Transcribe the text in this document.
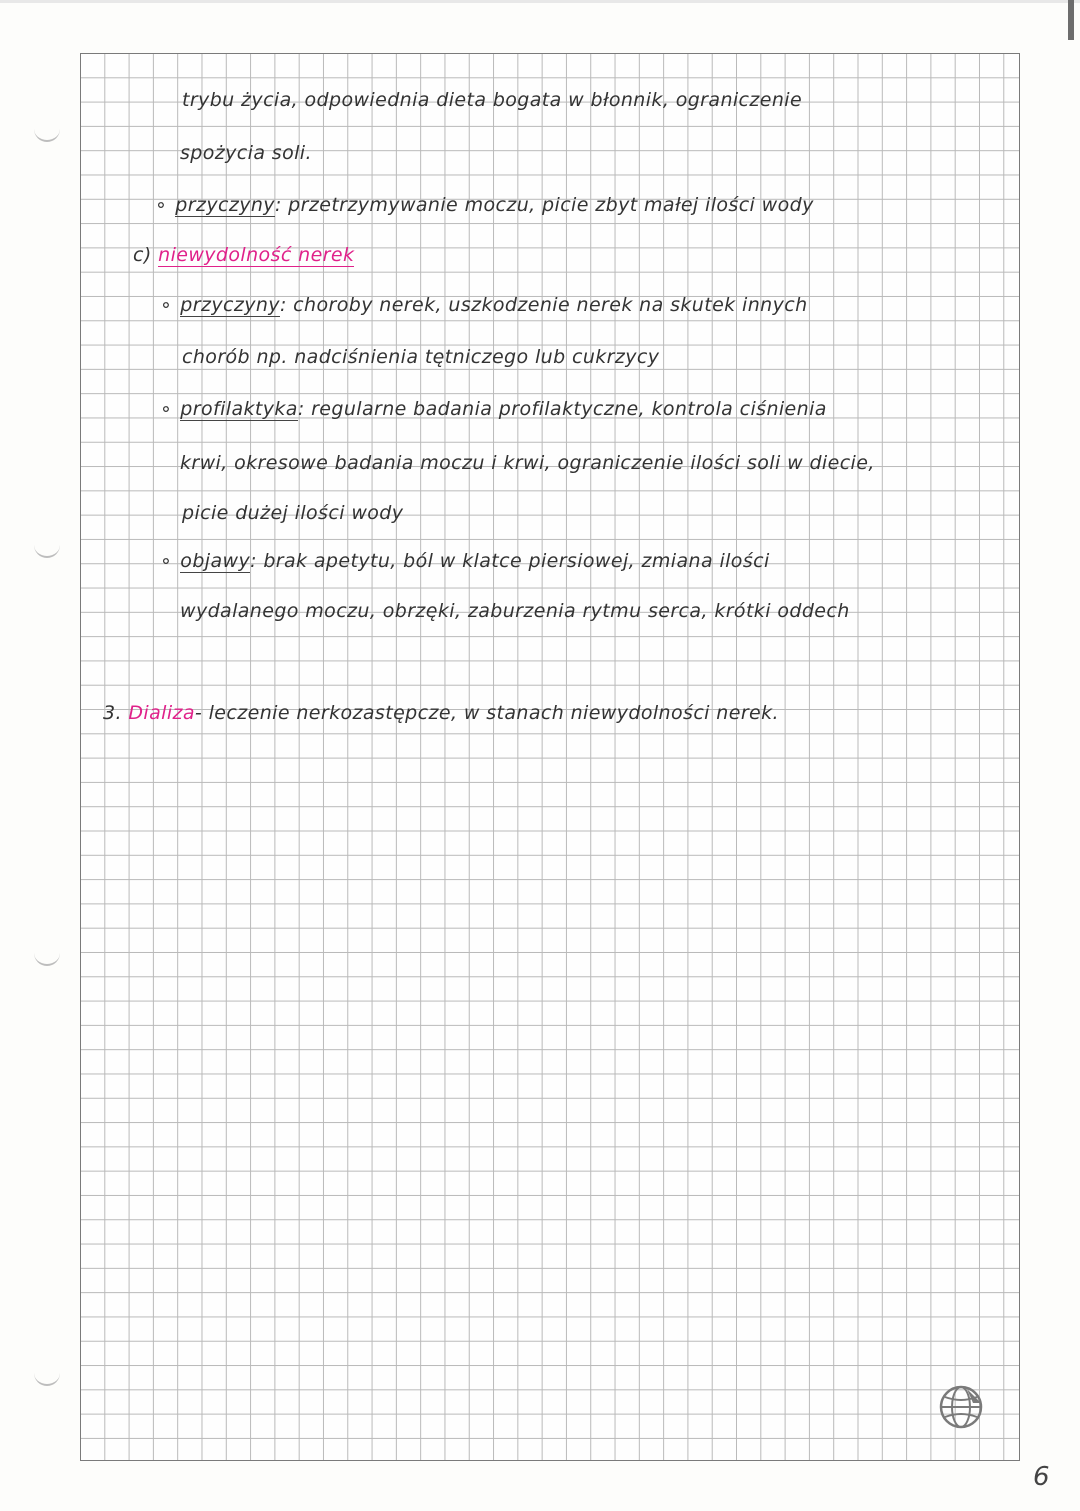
trybu życia, odpowiednia dieta bogata w błonnik, ograniczenie
spożycia soli.
∘ przyczyny: przetrzymywanie moczu, picie zbyt małej ilości wody
c) niewydolność nerek
∘ przyczyny: choroby nerek, uszkodzenie nerek na skutek innych
chorób np. nadciśnienia tętniczego lub cukrzycy
∘ profilaktyka: regularne badania profilaktyczne, kontrola ciśnienia
krwi, okresowe badania moczu i krwi, ograniczenie ilości soli w diecie,
picie dużej ilości wody
∘ objawy: brak apetytu, ból w klatce piersiowej, zmiana ilości
wydalanego moczu, obrzęki, zaburzenia rytmu serca, krótki oddech
3. Dializa- leczenie nerkozastępcze, w stanach niewydolności nerek.
6
